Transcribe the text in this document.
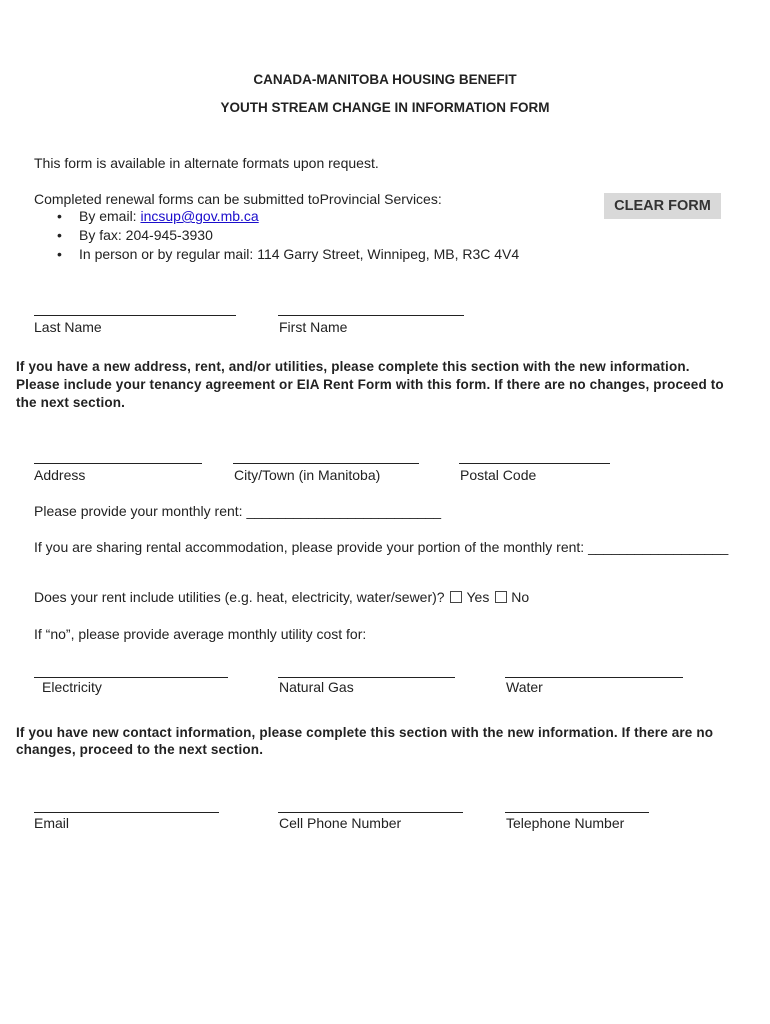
CANADA-MANITOBA HOUSING BENEFIT
YOUTH STREAM CHANGE IN INFORMATION FORM
This form is available in alternate formats upon request.
Completed renewal forms can be submitted toProvincial Services:
• By email: incsup@gov.mb.ca
• By fax: 204-945-3930
• In person or by regular mail: 114 Garry Street, Winnipeg, MB, R3C 4V4
CLEAR FORM
Last Name	First Name
If you have a new address, rent, and/or utilities, please complete this section with the new information.
Please include your tenancy agreement or EIA Rent Form with this form. If there are no changes, proceed to
the next section.
Address	City/Town (in Manitoba)	Postal Code
Please provide your monthly rent: _________________________
If you are sharing rental accommodation, please provide your portion of the monthly rent: __________________
Does your rent include utilities (e.g. heat, electricity, water/sewer)? Yes No
If “no”, please provide average monthly utility cost for:
Electricity	Natural Gas	Water
If you have new contact information, please complete this section with the new information. If there are no
changes, proceed to the next section.
Email	Cell Phone Number	Telephone Number
